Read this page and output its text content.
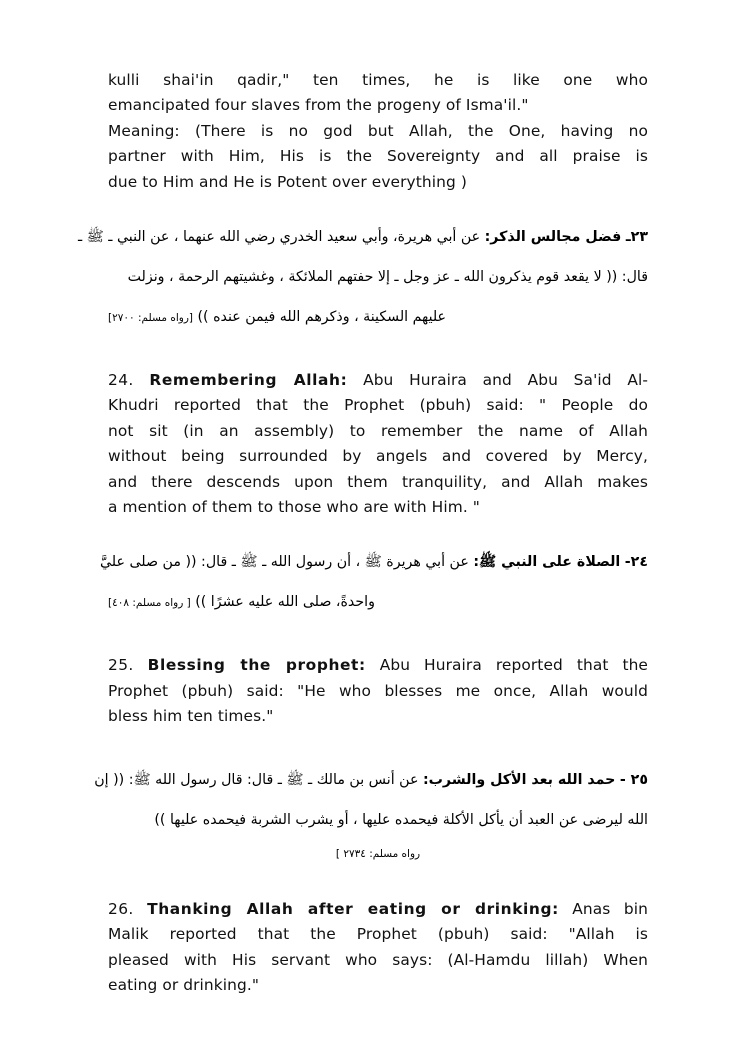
kulli shai'in qadir," ten times, he is like one who
emancipated four slaves from the progeny of Isma'il."
Meaning: (There is no god but Allah, the One, having no
partner with Him, His is the Sovereignty and all praise is
due to Him and He is Potent over everything )
٢٣ـ فضل مجالس الذكر: عن أبي هريرة، وأبي سعيد الخدري رضي الله عنهما ، عن النبي ـ ﷺ ـ
قال: (( لا يقعد قوم يذكرون الله ـ عز وجل ـ إلا حفتهم الملائكة ، وغشيتهم الرحمة ، ونزلت
عليهم السكينة ، وذكرهم الله فيمن عنده )) [رواه مسلم: ٢٧٠٠]
24. Remembering Allah: Abu Huraira and Abu Sa'id Al-
Khudri reported that the Prophet (pbuh) said: " People do
not sit (in an assembly) to remember the name of Allah
without being surrounded by angels and covered by Mercy,
and there descends upon them tranquility, and Allah makes
a mention of them to those who are with Him. "
٢٤- الصلاة على النبي ﷺ: عن أبي هريرة ﷺ ، أن رسول الله ـ ﷺ ـ قال: (( من صلى عليَّ
واحدةً، صلى الله عليه عشرًا )) [ رواه مسلم: ٤٠٨]
25. Blessing the prophet: Abu Huraira reported that the
Prophet (pbuh) said: "He who blesses me once, Allah would
bless him ten times."
٢٥ - حمد الله بعد الأكل والشرب: عن أنس بن مالك ـ ﷺ ـ قال: قال رسول الله ﷺ: (( إن
الله ليرضى عن العبد أن يأكل الأكلة فيحمده عليها ، أو يشرب الشربة فيحمده عليها ))
رواه مسلم: ٢٧٣٤ ]
26. Thanking Allah after eating or drinking: Anas bin
Malik reported that the Prophet (pbuh) said: "Allah is
pleased with His servant who says: (Al-Hamdu lillah) When
eating or drinking."
